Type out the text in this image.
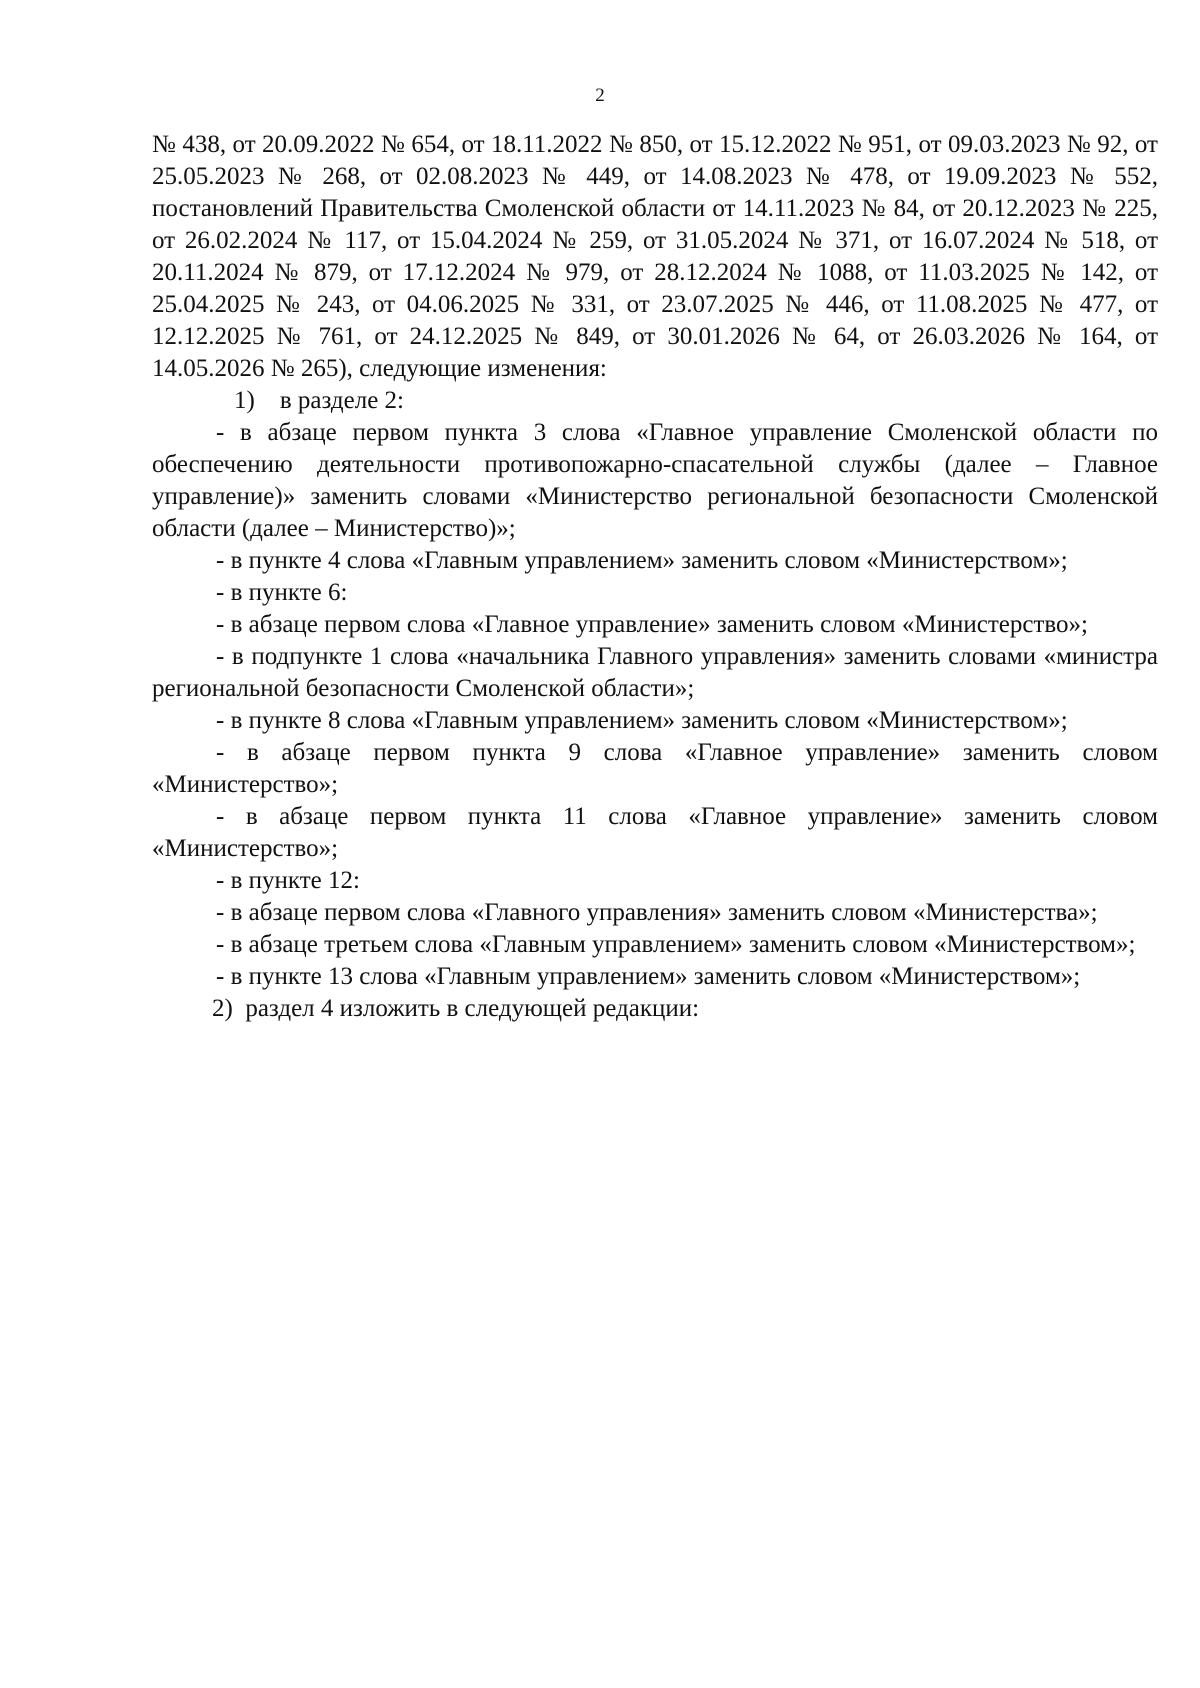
2

№ 438, от 20.09.2022 № 654, от 18.11.2022 № 850, от 15.12.2022 № 951, от 09.03.2023 № 92, от 25.05.2023 № 268, от 02.08.2023 № 449, от 14.08.2023 № 478, от 19.09.2023 № 552, постановлений Правительства Смоленской области от 14.11.2023 № 84, от 20.12.2023 № 225, от 26.02.2024 № 117, от 15.04.2024 № 259, от 31.05.2024 № 371, от 16.07.2024 № 518, от 20.11.2024 № 879, от 17.12.2024 № 979, от 28.12.2024 № 1088, от 11.03.2025 № 142, от 25.04.2025 № 243, от 04.06.2025 № 331, от 23.07.2025 № 446, от 11.08.2025 № 477, от 12.12.2025 № 761, от 24.12.2025 № 849, от 30.01.2026 № 64, от 26.03.2026 № 164, от 14.05.2026 № 265), следующие изменения:

1)    в разделе 2:

- в абзаце первом пункта 3 слова «Главное управление Смоленской области по обеспечению деятельности противопожарно-спасательной службы (далее – Главное управление)» заменить словами «Министерство региональной безопасности Смоленской области (далее – Министерство)»;

- в пункте 4 слова «Главным управлением» заменить словом «Министерством»;

- в пункте 6:

- в абзаце первом слова «Главное управление» заменить словом «Министерство»;

- в подпункте 1 слова «начальника Главного управления» заменить словами «министра региональной безопасности Смоленской области»;

- в пункте 8 слова «Главным управлением» заменить словом «Министерством»;

- в абзаце первом пункта 9 слова «Главное управление» заменить словом «Министерство»;

- в абзаце первом пункта 11 слова «Главное управление» заменить словом «Министерство»;

- в пункте 12:

- в абзаце первом слова «Главного управления» заменить словом «Министерства»;

- в абзаце третьем слова «Главным управлением» заменить словом «Министерством»;

- в пункте 13 слова «Главным управлением» заменить словом «Министерством»;

2)  раздел 4 изложить в следующей редакции:
